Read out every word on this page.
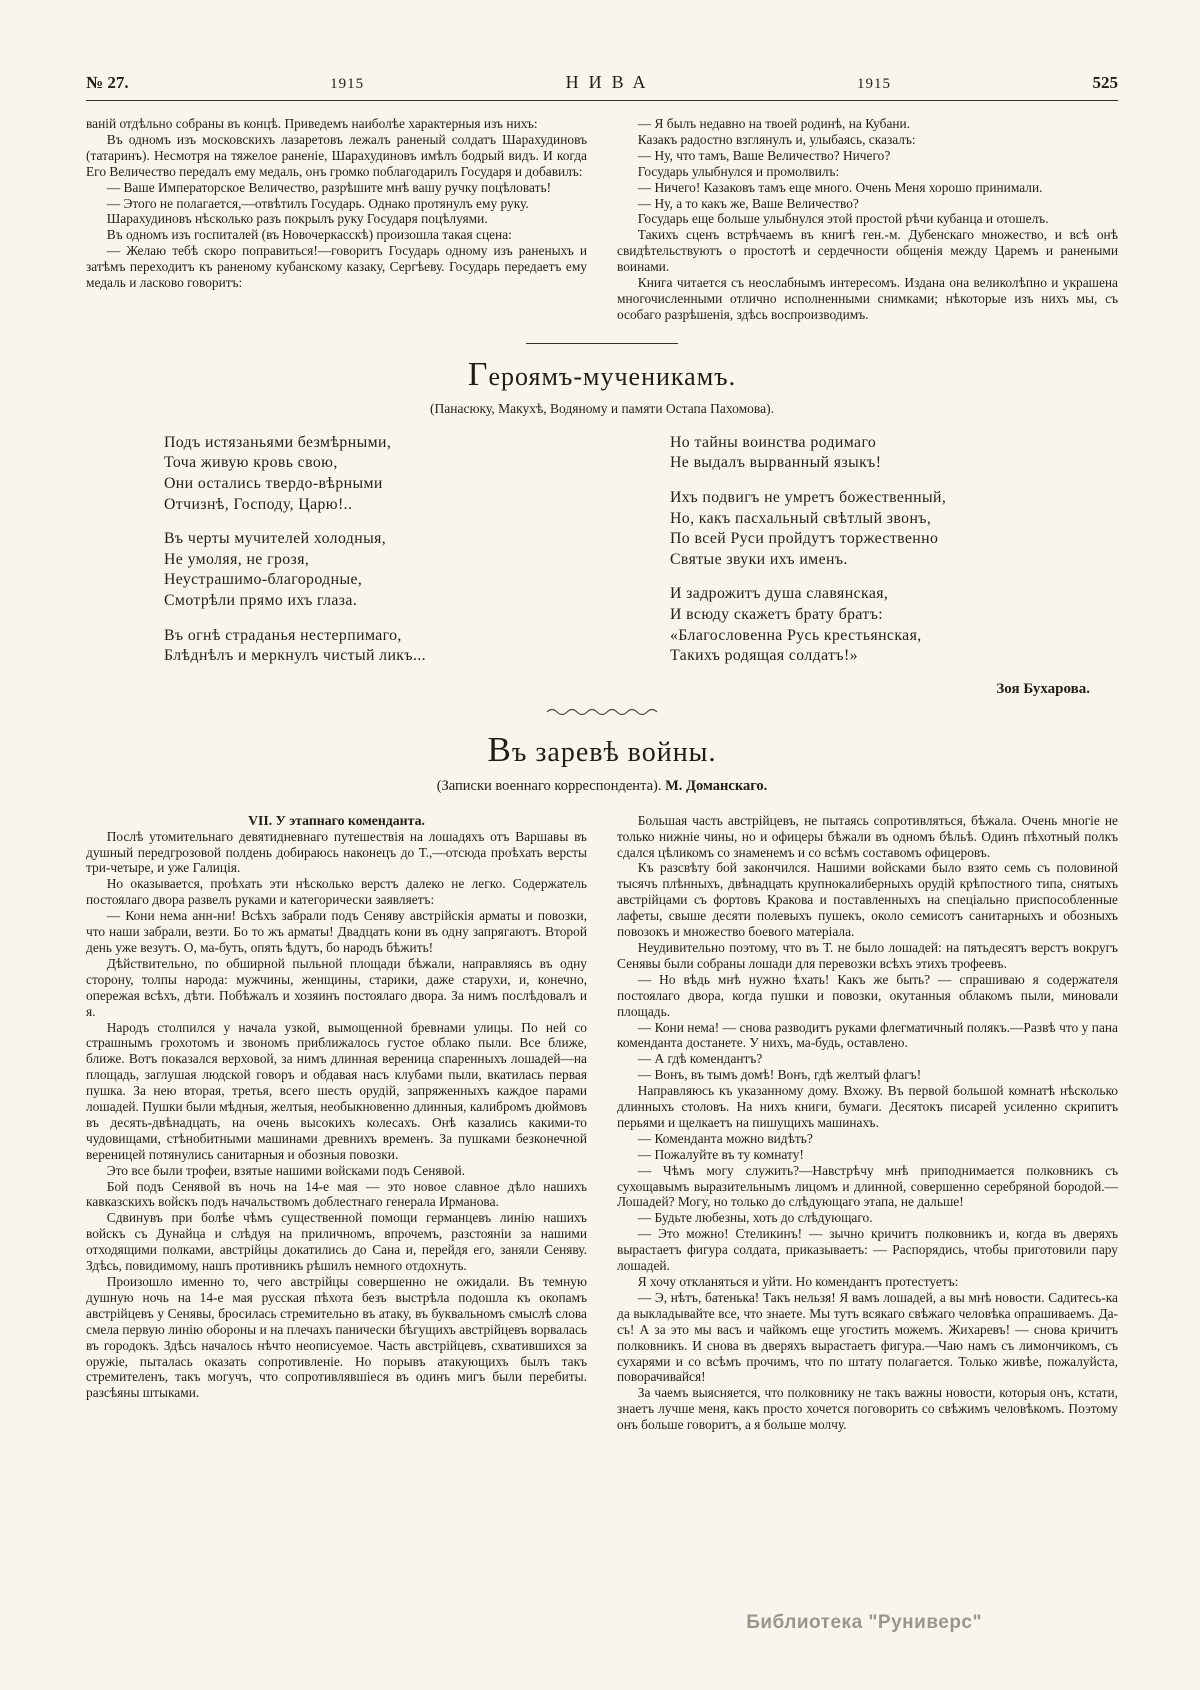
№ 27.	1915	НИВА	1915	525

ваній отдѣльно собраны въ концѣ. Приведемъ наиболѣе характерныя изъ нихъ:

Въ одномъ изъ московскихъ лазаретовъ лежалъ раненый солдатъ Шарахудиновъ (татаринъ). Несмотря на тяжелое раненіе, Шарахудиновъ имѣлъ бодрый видъ. И когда Его Величество передалъ ему медаль, онъ громко поблагодарилъ Государя и добавилъ:

— Ваше Императорское Величество, разрѣшите мнѣ вашу ручку поцѣловать!

— Этого не полагается,—отвѣтилъ Государь. Однако протянулъ ему руку.

Шарахудиновъ нѣсколько разъ покрылъ руку Государя поцѣлуями.

Въ одномъ изъ госпиталей (въ Новочеркасскѣ) произошла такая сцена:

— Желаю тебѣ скоро поправиться!—говоритъ Государь одному изъ раненыхъ и затѣмъ переходитъ къ раненому кубанскому казаку, Сергѣеву. Государь передаетъ ему медаль и ласково говоритъ:

— Я былъ недавно на твоей родинѣ, на Кубани.

Казакъ радостно взглянулъ и, улыбаясь, сказалъ:

— Ну, что тамъ, Ваше Величество? Ничего?

Государь улыбнулся и промолвилъ:

— Ничего! Казаковъ тамъ еще много. Очень Меня хорошо принимали.

— Ну, а то какъ же, Ваше Величество?

Государь еще больше улыбнулся этой простой рѣчи кубанца и отошелъ.

Такихъ сценъ встрѣчаемъ въ книгѣ ген.-м. Дубенскаго множество, и всѣ онѣ свидѣтельствуютъ о простотѣ и сердечности общенія между Царемъ и ранеными воинами.

Книга читается съ неослабнымъ интересомъ. Издана она великолѣпно и украшена многочисленными отлично исполненными снимками; нѣкоторые изъ нихъ мы, съ особаго разрѣшенія, здѣсь воспроизводимъ.

Героямъ-мученикамъ.

(Панасюку, Макухѣ, Водяному и памяти Остапа Пахомова).

Подъ истязаньями безмѣрными,
Точа живую кровь свою,
Они остались твердо-вѣрными
Отчизнѣ, Господу, Царю!..

Въ черты мучителей холодныя,
Не умоляя, не грозя,
Неустрашимо-благородные,
Смотрѣли прямо ихъ глаза.

Въ огнѣ страданья нестерпимаго,
Блѣднѣлъ и меркнулъ чистый ликъ...

Но тайны воинства родимаго
Не выдалъ вырванный языкъ!

Ихъ подвигъ не умретъ божественный,
Но, какъ пасхальный свѣтлый звонъ,
По всей Руси пройдутъ торжественно
Святые звуки ихъ именъ.

И задрожитъ душа славянская,
И всюду скажетъ брату братъ:
«Благословенна Русь крестьянская,
Такихъ родящая солдатъ!»

Зоя Бухарова.

Въ заревѣ войны.

(Записки военнаго корреспондента). М. Доманскаго.

VII. У этапнаго коменданта.

Послѣ утомительнаго девятидневнаго путешествія на лошадяхъ отъ Варшавы въ душный передгрозовой полдень добираюсь наконецъ до Т.,—отсюда проѣхать версты три-четыре, и уже Галиція.

Но оказывается, проѣхать эти нѣсколько верстъ далеко не легко. Содержатель постоялаго двора развелъ руками и категорически заявляетъ:

— Кони нема анн-ни! Всѣхъ забрали подъ Сеняву австрійскія арматы и повозки, что наши забрали, везти. Бо то жъ арматы! Двадцать кони въ одну запрягаютъ. Второй день уже везутъ. О, ма-буть, опять ѣдутъ, бо народъ бѣжить!

Дѣйствительно, по обширной пыльной площади бѣжали, направляясь въ одну сторону, толпы народа: мужчины, женщины, старики, даже старухи, и, конечно, опережая всѣхъ, дѣти. Побѣжалъ и хозяинъ постоялаго двора. За нимъ послѣдовалъ и я.

Народъ столпился у начала узкой, вымощенной бревнами улицы. По ней со страшнымъ грохотомъ и звономъ приближалось густое облако пыли. Все ближе, ближе. Вотъ показался верховой, за нимъ длинная вереница спаренныхъ лошадей—на площадь, заглушая людской говоръ и обдавая насъ клубами пыли, вкатилась первая пушка. За нею вторая, третья, всего шесть орудій, запряженныхъ каждое парами лошадей. Пушки были мѣдныя, желтыя, необыкновенно длинныя, калибромъ дюймовъ въ десять-двѣнадцать, на очень высокихъ колесахъ. Онѣ казались какими-то чудовищами, стѣнобитными машинами древнихъ временъ. За пушками безконечной вереницей потянулись санитарныя и обозныя повозки.

Это все были трофеи, взятые нашими войсками подъ Сенявой.

Бой подъ Сенявой въ ночь на 14-е мая — это новое славное дѣло нашихъ кавказскихъ войскъ подъ начальствомъ доблестнаго генерала Ирманова.

Сдвинувъ при болѣе чѣмъ существенной помощи германцевъ линію нашихъ войскъ съ Дунайца и слѣдуя на приличномъ, впрочемъ, разстояніи за нашими отходящими полками, австрійцы докатились до Сана и, перейдя его, заняли Сеняву. Здѣсь, повидимому, нашъ противникъ рѣшилъ немного отдохнуть.

Произошло именно то, чего австрійцы совершенно не ожидали. Въ темную душную ночь на 14-е мая русская пѣхота безъ выстрѣла подошла къ окопамъ австрійцевъ у Сенявы, бросилась стремительно въ атаку, въ буквальномъ смыслѣ слова смела первую линію обороны и на плечахъ панически бѣгущихъ австрійцевъ ворвалась въ городокъ. Здѣсь началось нѣчто неописуемое. Часть австрійцевъ, схватившихся за оружіе, пыталась оказать сопротивленіе. Но порывъ атакующихъ былъ такъ стремителенъ, такъ могучъ, что сопротивлявшіеся въ одинъ мигъ были перебиты. разсѣяны штыками.

Большая часть австрійцевъ, не пытаясь сопротивляться, бѣжала. Очень многіе не только нижніе чины, но и офицеры бѣжали въ одномъ бѣльѣ. Одинъ пѣхотный полкъ сдался цѣликомъ со знаменемъ и со всѣмъ составомъ офицеровъ.

Къ разсвѣту бой закончился. Нашими войсками было взято семь съ половиной тысячъ плѣнныхъ, двѣнадцать крупнокалиберныхъ орудій крѣпостного типа, снятыхъ австрійцами съ фортовъ Кракова и поставленныхъ на спеціально приспособленные лафеты, свыше десяти полевыхъ пушекъ, около семисотъ санитарныхъ и обозныхъ повозокъ и множество боевого матеріала.

Неудивительно поэтому, что въ Т. не было лошадей: на пятьдесятъ верстъ вокругъ Сенявы были собраны лошади для перевозки всѣхъ этихъ трофеевъ.

— Но вѣдь мнѣ нужно ѣхать! Какъ же быть? — спрашиваю я содержателя постоялаго двора, когда пушки и повозки, окутанныя облакомъ пыли, миновали площадь.

— Кони нема! — снова разводитъ руками флегматичный полякъ.—Развѣ что у пана коменданта достанете. У нихъ, ма-будь, оставлено.

— А гдѣ комендантъ?

— Вонъ, въ тымъ домѣ! Вонъ, гдѣ желтый флагъ!

Направляюсь къ указанному дому. Вхожу. Въ первой большой комнатѣ нѣсколько длинныхъ столовъ. На нихъ книги, бумаги. Десятокъ писарей усиленно скрипитъ перьями и щелкаетъ на пишущихъ машинахъ.

— Коменданта можно видѣть?

— Пожалуйте въ ту комнату!

— Чѣмъ могу служить?—Навстрѣчу мнѣ приподнимается полковникъ съ сухощавымъ выразительнымъ лицомъ и длинной, совершенно серебряной бородой.—Лошадей? Могу, но только до слѣдующаго этапа, не дальше!

— Будьте любезны, хоть до слѣдующаго.

— Это можно! Стеликинъ! — зычно кричитъ полковникъ и, когда въ дверяхъ вырастаетъ фигура солдата, приказываетъ: — Распорядись, чтобы приготовили пару лошадей.

Я хочу откланяться и уйти. Но комендантъ протестуетъ:

— Э, нѣтъ, батенька! Такъ нельзя! Я вамъ лошадей, а вы мнѣ новости. Садитесь-ка да выкладывайте все, что знаете. Мы тутъ всякаго свѣжаго человѣка опрашиваемъ. Да-съ! А за это мы васъ и чайкомъ еще угостить можемъ. Жихаревъ! — снова кричитъ полковникъ. И снова въ дверяхъ вырастаетъ фигура.—Чаю намъ съ лимончикомъ, съ сухарями и со всѣмъ прочимъ, что по штату полагается. Только живѣе, пожалуйста, поворачивайся!

За чаемъ выясняется, что полковнику не такъ важны новости, которыя онъ, кстати, знаетъ лучше меня, какъ просто хочется поговорить со свѣжимъ человѣкомъ. Поэтому онъ больше говоритъ, а я больше молчу.

Библиотека "Руниверс"
